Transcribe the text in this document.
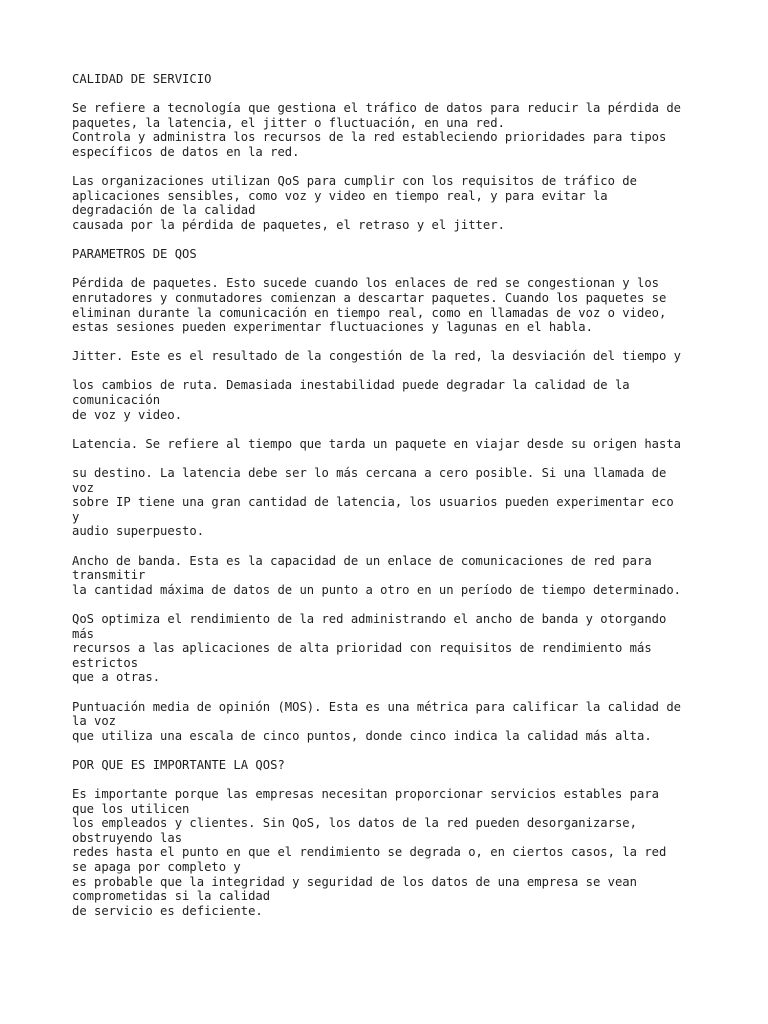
CALIDAD DE SERVICIO
Se refiere a tecnología que gestiona el tráfico de datos para reducir la pérdida de
paquetes, la latencia, el jitter o fluctuación, en una red.
Controla y administra los recursos de la red estableciendo prioridades para tipos
específicos de datos en la red.
Las organizaciones utilizan QoS para cumplir con los requisitos de tráfico de
aplicaciones sensibles, como voz y video en tiempo real, y para evitar la
degradación de la calidad
causada por la pérdida de paquetes, el retraso y el jitter.
PARAMETROS DE QOS
Pérdida de paquetes. Esto sucede cuando los enlaces de red se congestionan y los
enrutadores y conmutadores comienzan a descartar paquetes. Cuando los paquetes se
eliminan durante la comunicación en tiempo real, como en llamadas de voz o video,
estas sesiones pueden experimentar fluctuaciones y lagunas en el habla.
Jitter. Este es el resultado de la congestión de la red, la desviación del tiempo y
los cambios de ruta. Demasiada inestabilidad puede degradar la calidad de la
comunicación
de voz y video.
Latencia. Se refiere al tiempo que tarda un paquete en viajar desde su origen hasta
su destino. La latencia debe ser lo más cercana a cero posible. Si una llamada de
voz
sobre IP tiene una gran cantidad de latencia, los usuarios pueden experimentar eco
y
audio superpuesto.
Ancho de banda. Esta es la capacidad de un enlace de comunicaciones de red para
transmitir
la cantidad máxima de datos de un punto a otro en un período de tiempo determinado.
QoS optimiza el rendimiento de la red administrando el ancho de banda y otorgando
más
recursos a las aplicaciones de alta prioridad con requisitos de rendimiento más
estrictos
que a otras.
Puntuación media de opinión (MOS). Esta es una métrica para calificar la calidad de
la voz
que utiliza una escala de cinco puntos, donde cinco indica la calidad más alta.
POR QUE ES IMPORTANTE LA QOS?
Es importante porque las empresas necesitan proporcionar servicios estables para
que los utilicen
los empleados y clientes. Sin QoS, los datos de la red pueden desorganizarse,
obstruyendo las
redes hasta el punto en que el rendimiento se degrada o, en ciertos casos, la red
se apaga por completo y
es probable que la integridad y seguridad de los datos de una empresa se vean
comprometidas si la calidad
de servicio es deficiente.
